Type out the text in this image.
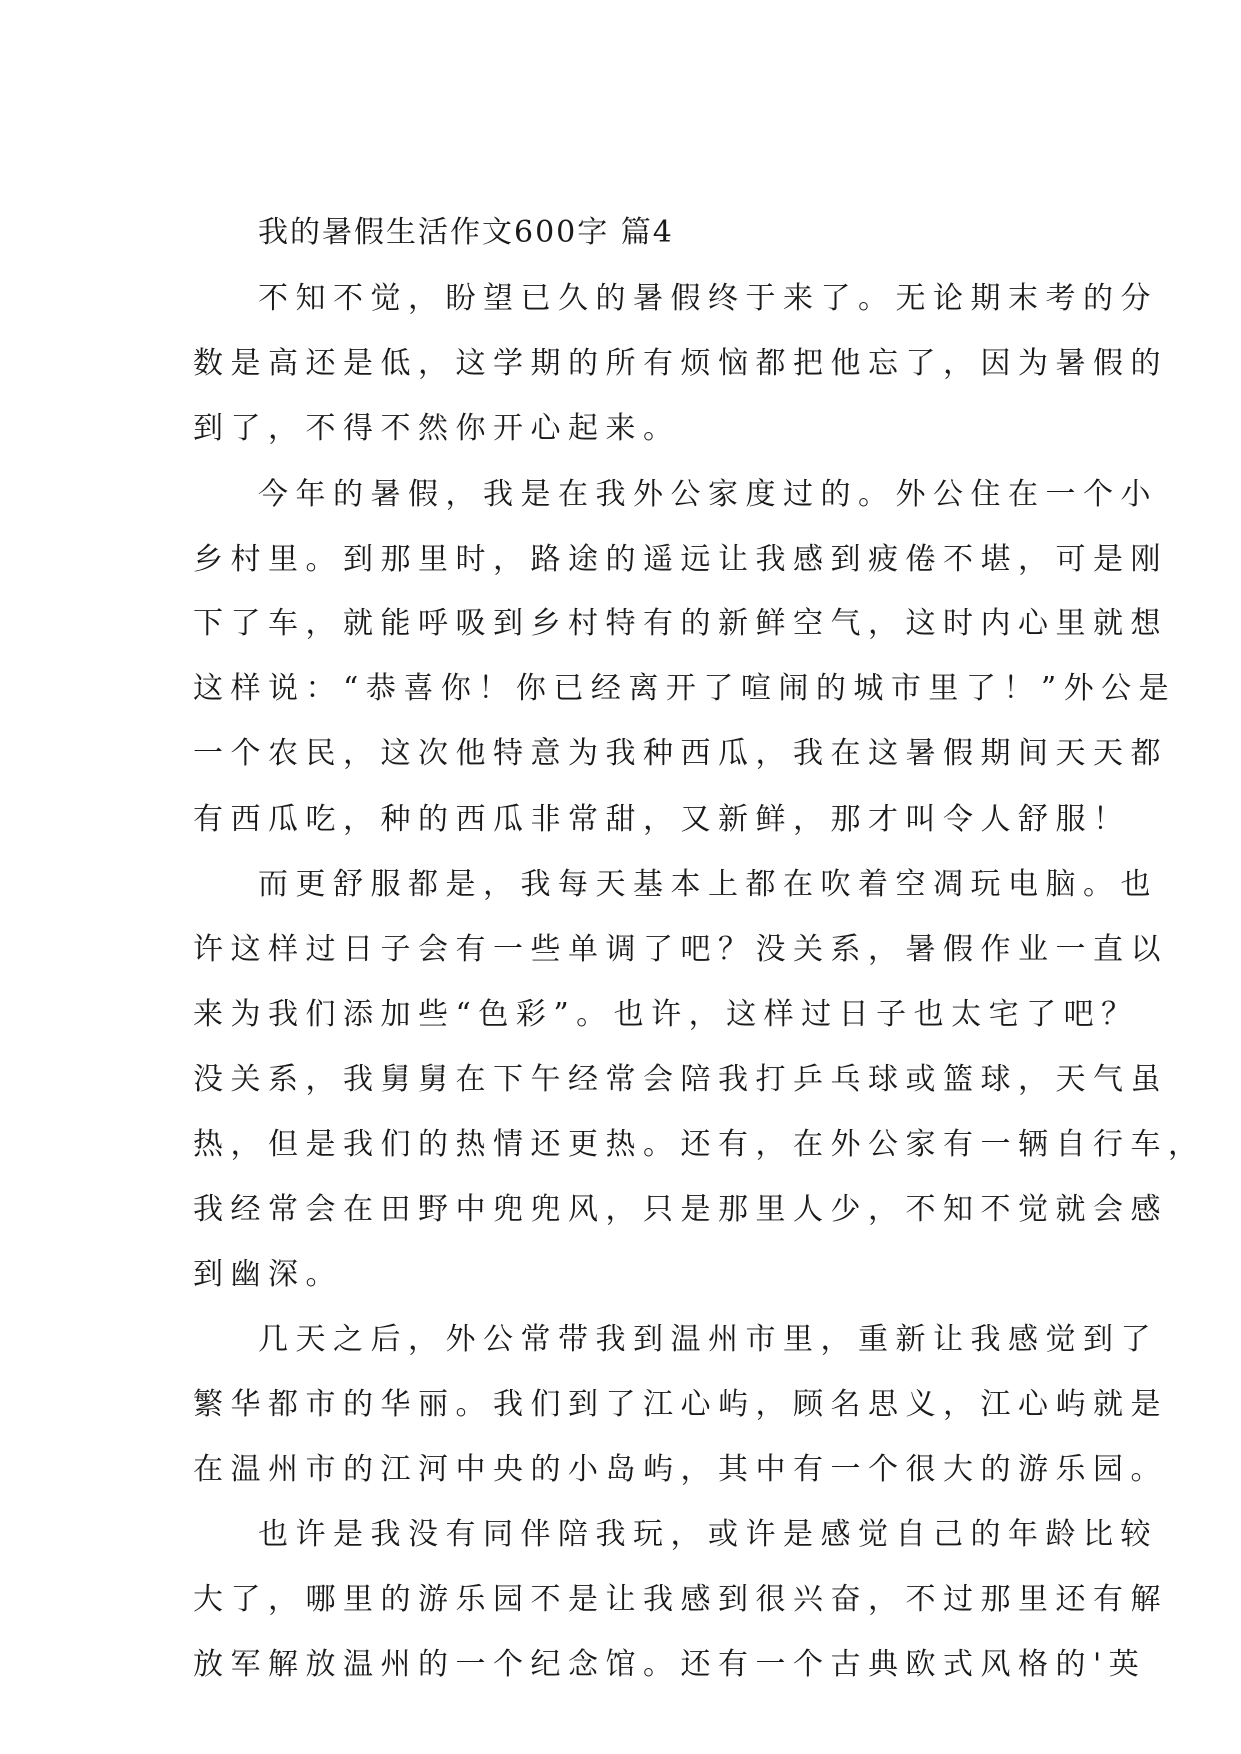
我的暑假生活作文600字 篇4
不知不觉，盼望已久的暑假终于来了。无论期末考的分
数是高还是低，这学期的所有烦恼都把他忘了，因为暑假的
到了，不得不然你开心起来。
今年的暑假，我是在我外公家度过的。外公住在一个小
乡村里。到那里时，路途的遥远让我感到疲倦不堪，可是刚
下了车，就能呼吸到乡村特有的新鲜空气，这时内心里就想
这样说：“恭喜你！你已经离开了喧闹的城市里了！”外公是
一个农民，这次他特意为我种西瓜，我在这暑假期间天天都
有西瓜吃，种的西瓜非常甜，又新鲜，那才叫令人舒服！
而更舒服都是，我每天基本上都在吹着空凋玩电脑。也
许这样过日子会有一些单调了吧？没关系，暑假作业一直以
来为我们添加些“色彩”。也许，这样过日子也太宅了吧？
没关系，我舅舅在下午经常会陪我打乒乓球或篮球，天气虽
热，但是我们的热情还更热。还有，在外公家有一辆自行车，
我经常会在田野中兜兜风，只是那里人少，不知不觉就会感
到幽深。
几天之后，外公常带我到温州市里，重新让我感觉到了
繁华都市的华丽。我们到了江心屿，顾名思义，江心屿就是
在温州市的江河中央的小岛屿，其中有一个很大的游乐园。
也许是我没有同伴陪我玩，或许是感觉自己的年龄比较
大了，哪里的游乐园不是让我感到很兴奋，不过那里还有解
放军解放温州的一个纪念馆。还有一个古典欧式风格的'英
